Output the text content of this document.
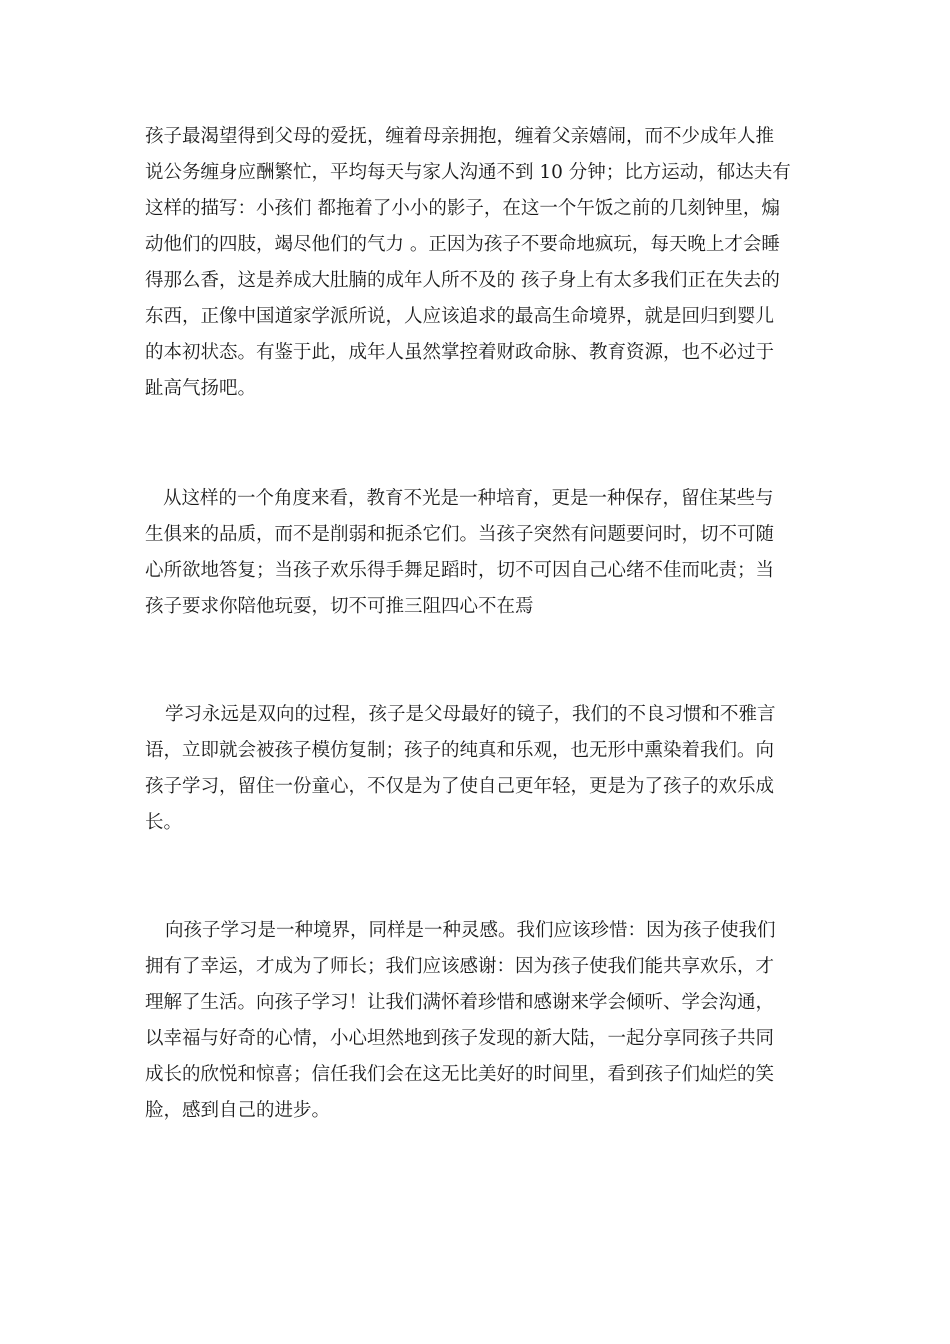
孩子最渴望得到父母的爱抚，缠着母亲拥抱，缠着父亲嬉闹，而不少成年人推
说公务缠身应酬繁忙，平均每天与家人沟通不到 10 分钟；比方运动，郁达夫有
这样的描写：小孩们 都拖着了小小的影子，在这一个午饭之前的几刻钟里，煽
动他们的四肢，竭尽他们的气力 。正因为孩子不要命地疯玩，每天晚上才会睡
得那么香，这是养成大肚腩的成年人所不及的 孩子身上有太多我们正在失去的
东西，正像中国道家学派所说，人应该追求的最高生命境界，就是回归到婴儿
的本初状态。有鉴于此，成年人虽然掌控着财政命脉、教育资源，也不必过于
趾高气扬吧。
从这样的一个角度来看，教育不光是一种培育，更是一种保存，留住某些与
生俱来的品质，而不是削弱和扼杀它们。当孩子突然有问题要问时，切不可随
心所欲地答复；当孩子欢乐得手舞足蹈时，切不可因自己心绪不佳而叱责；当
孩子要求你陪他玩耍，切不可推三阻四心不在焉
学习永远是双向的过程，孩子是父母最好的镜子，我们的不良习惯和不雅言
语，立即就会被孩子模仿复制；孩子的纯真和乐观，也无形中熏染着我们。向
孩子学习，留住一份童心，不仅是为了使自己更年轻，更是为了孩子的欢乐成
长。
向孩子学习是一种境界，同样是一种灵感。我们应该珍惜：因为孩子使我们
拥有了幸运，才成为了师长；我们应该感谢：因为孩子使我们能共享欢乐，才
理解了生活。向孩子学习！让我们满怀着珍惜和感谢来学会倾听、学会沟通，
以幸福与好奇的心情，小心坦然地到孩子发现的新大陆，一起分享同孩子共同
成长的欣悦和惊喜；信任我们会在这无比美好的时间里，看到孩子们灿烂的笑
脸，感到自己的进步。
